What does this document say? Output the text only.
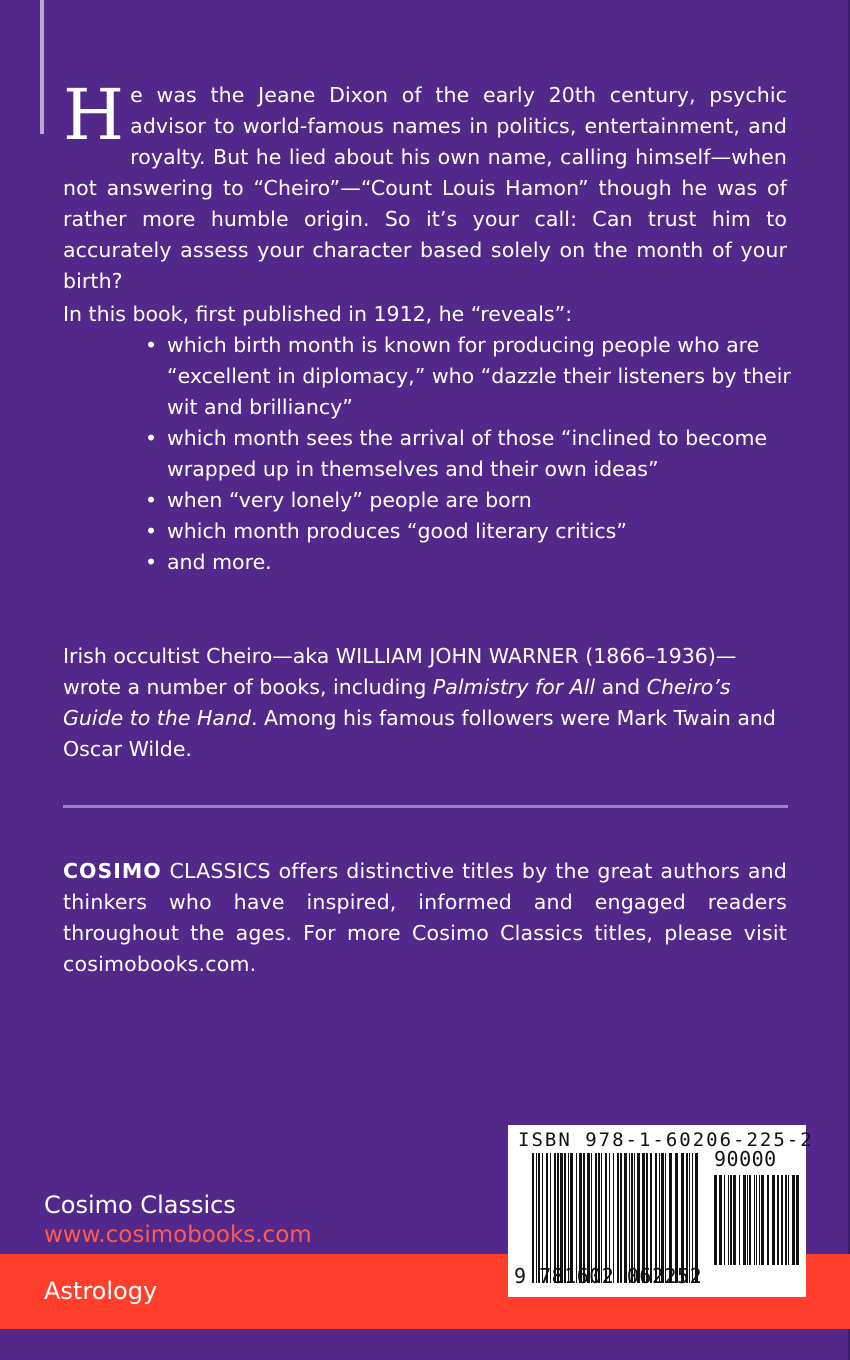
He was the Jeane Dixon of the early 20th century, psychic advisor to world-famous names in politics, entertainment, and royalty. But he lied about his own name, calling himself—when not answering to “Cheiro”—“Count Louis Hamon” though he was of rather more humble origin. So it’s your call: Can trust him to accurately assess your character based solely on the month of your birth?
In this book, first published in 1912, he “reveals”:
• which birth month is known for producing people who are “excellent in diplomacy,” who “dazzle their listeners by their wit and brilliancy”
• which month sees the arrival of those “inclined to become wrapped up in themselves and their own ideas”
• when “very lonely” people are born
• which month produces “good literary critics”
• and more.
Irish occultist Cheiro—aka WILLIAM JOHN WARNER (1866–1936)—wrote a number of books, including Palmistry for All and Cheiro’s Guide to the Hand. Among his famous followers were Mark Twain and Oscar Wilde.
COSIMO CLASSICS offers distinctive titles by the great authors and thinkers who have inspired, informed and engaged readers throughout the ages. For more Cosimo Classics titles, please visit cosimobooks.com.
Cosimo Classics
www.cosimobooks.com
Astrology
ISBN 978-1-60206-225-2
90000
9 781602 062252
